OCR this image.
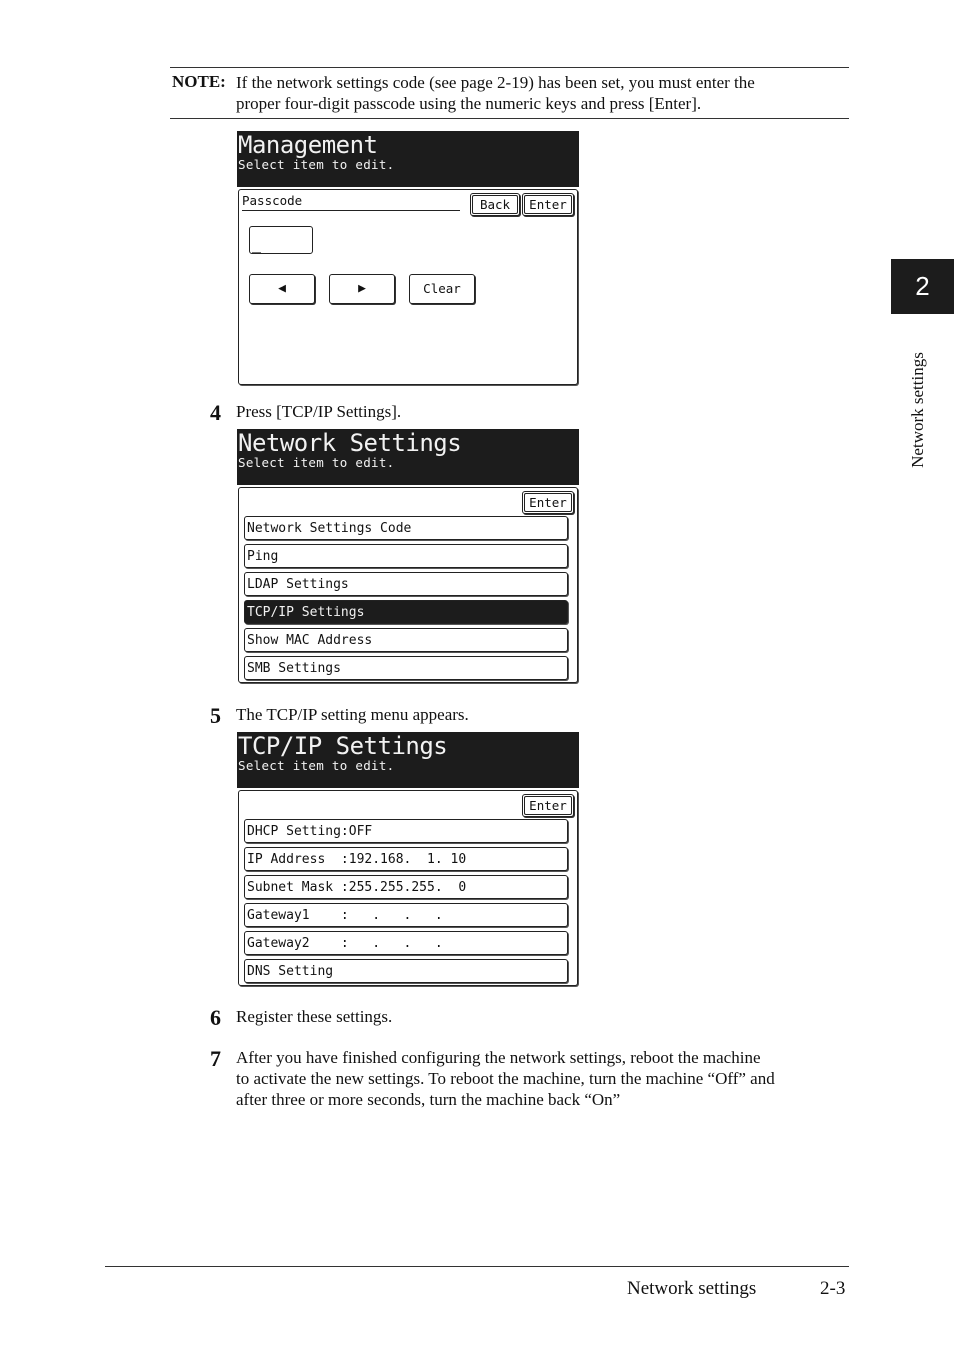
NOTE: If the network settings code (see page 2-19) has been set, you must enter the
proper four-digit passcode using the numeric keys and press [Enter].
Management
Select item to edit.
Passcode	Back	Enter
_
◀	▶	Clear
4 Press [TCP/IP Settings].
Network Settings
Select item to edit.
Enter
Network Settings Code
Ping
LDAP Settings
TCP/IP Settings
Show MAC Address
SMB Settings
5 The TCP/IP setting menu appears.
TCP/IP Settings
Select item to edit.
Enter
DHCP Setting:OFF
IP Address  :192.168.  1. 10
Subnet Mask :255.255.255.  0
Gateway1    :   .   .   .
Gateway2    :   .   .   .
DNS Setting
6 Register these settings.
7 After you have finished configuring the network settings, reboot the machine
to activate the new settings. To reboot the machine, turn the machine “Off” and
after three or more seconds, turn the machine back “On”
2
Network settings
Network settings	2-3
